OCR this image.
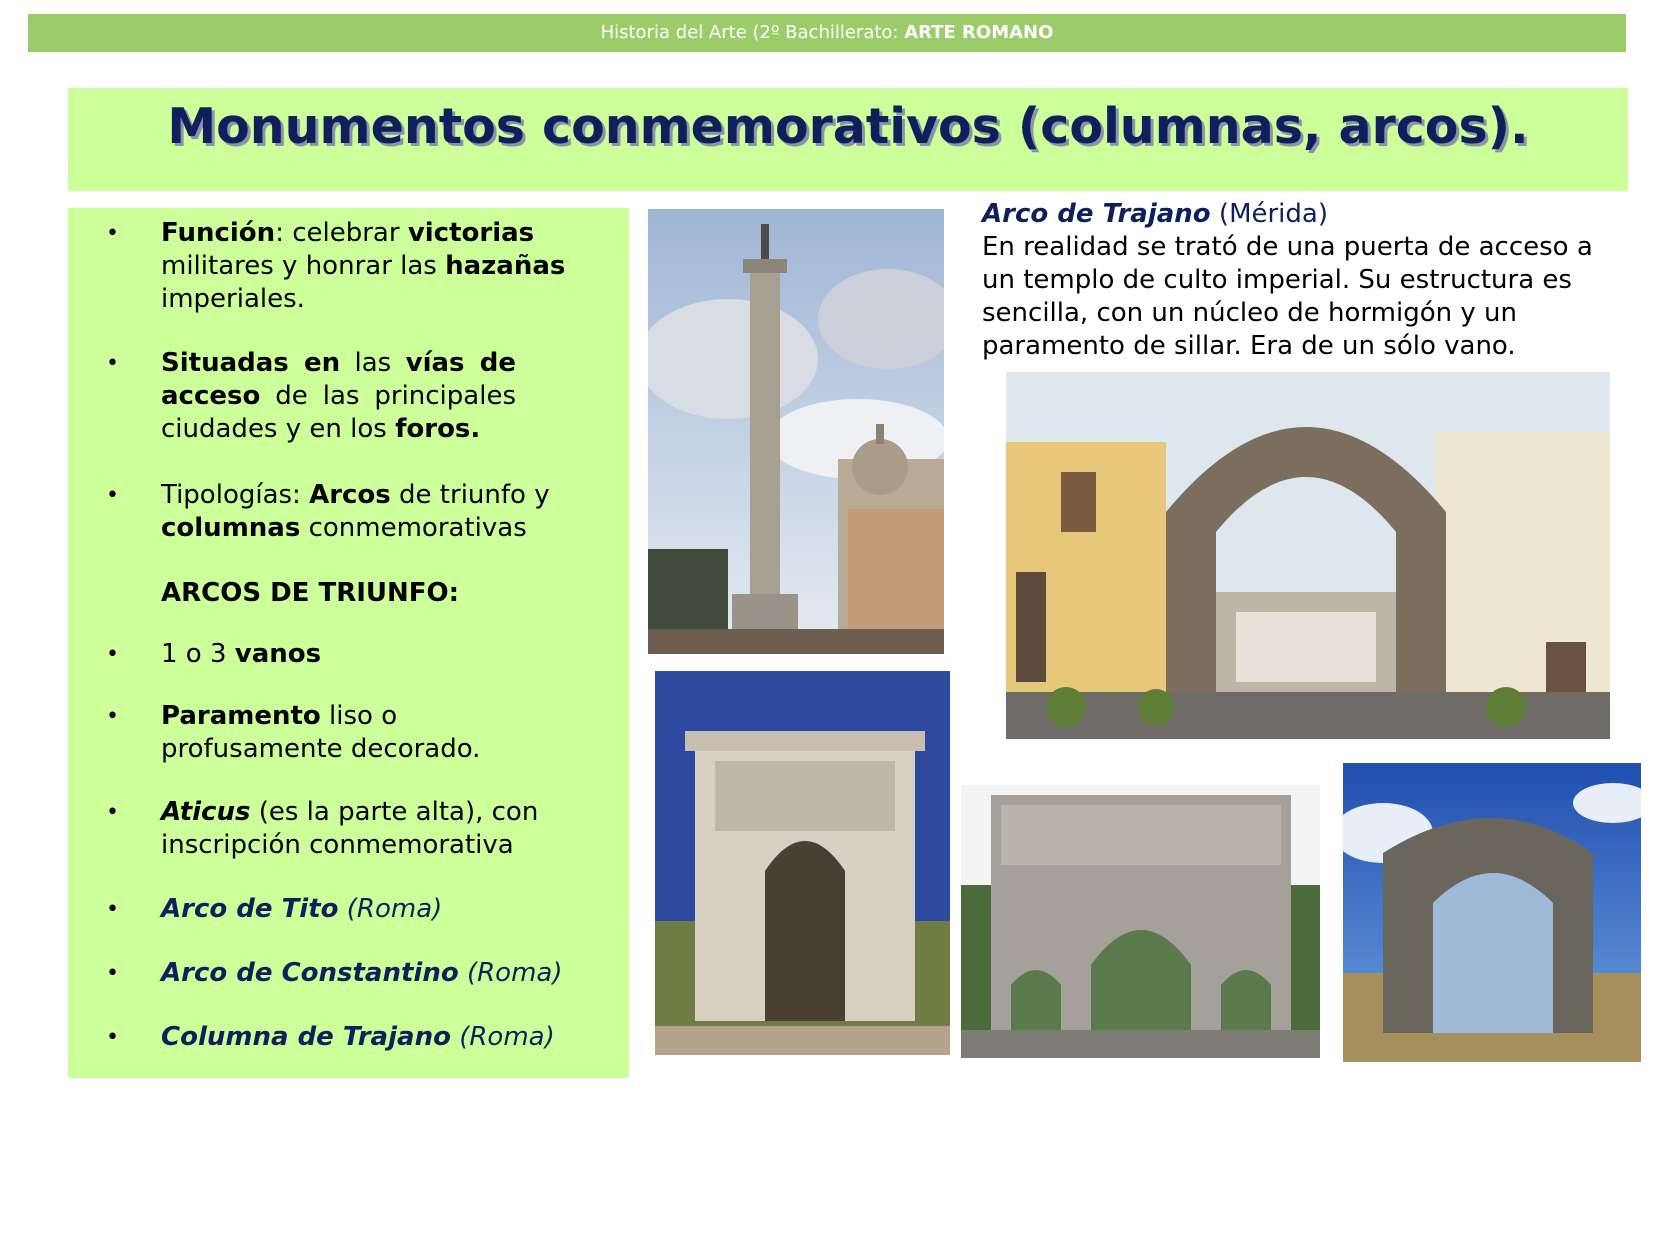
Historia del Arte (2º Bachillerato: ARTE ROMANO
Monumentos conmemorativos (columnas, arcos).
• Función: celebrar victorias militares y honrar las hazañas imperiales.
• Situadas en las vías de acceso de las principales ciudades y en los foros.
• Tipologías: Arcos de triunfo y columnas conmemorativas
ARCOS DE TRIUNFO:
• 1 o 3 vanos
• Paramento liso o profusamente decorado.
• Aticus (es la parte alta), con inscripción conmemorativa
• Arco de Tito (Roma)
• Arco de Constantino (Roma)
• Columna de Trajano (Roma)
Arco de Trajano (Mérida)
En realidad se trató de una puerta de acceso a un templo de culto imperial. Su estructura es sencilla, con un núcleo de hormigón y un paramento de sillar. Era de un sólo vano.
